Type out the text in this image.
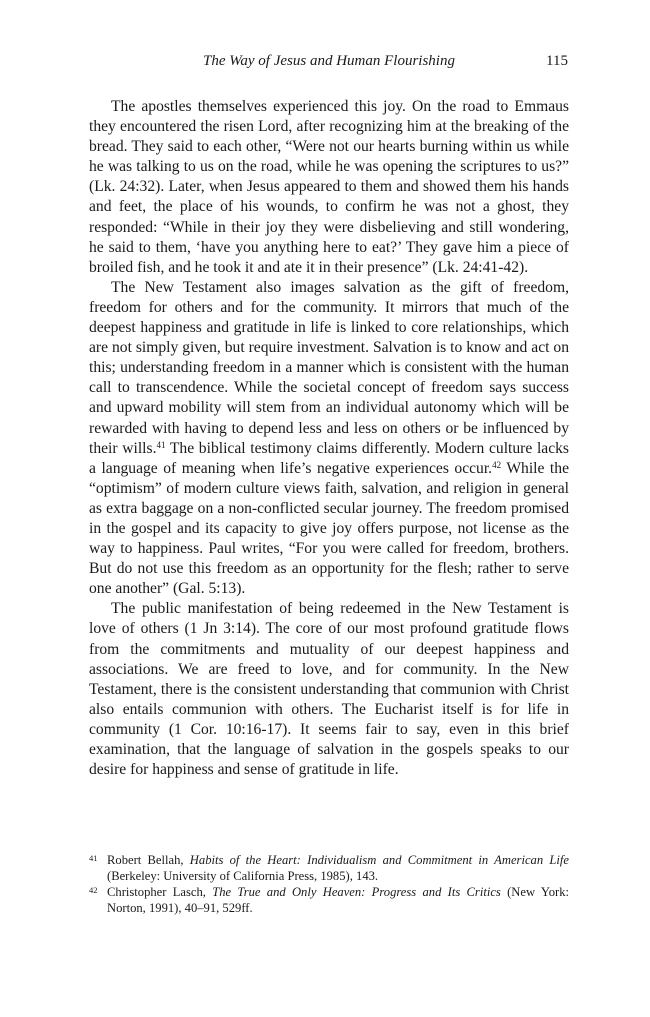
The Way of Jesus and Human Flourishing	115

The apostles themselves experienced this joy. On the road to Emmaus they encountered the risen Lord, after recognizing him at the breaking of the bread. They said to each other, “Were not our hearts burning within us while he was talking to us on the road, while he was opening the scriptures to us?” (Lk. 24:32). Later, when Jesus appeared to them and showed them his hands and feet, the place of his wounds, to confirm he was not a ghost, they responded: “While in their joy they were disbelieving and still wondering, he said to them, ‘have you anything here to eat?’ They gave him a piece of broiled fish, and he took it and ate it in their presence” (Lk. 24:41-42).

The New Testament also images salvation as the gift of freedom, freedom for others and for the community. It mirrors that much of the deepest happiness and gratitude in life is linked to core relationships, which are not simply given, but require investment. Salvation is to know and act on this; understanding freedom in a manner which is consistent with the human call to transcendence. While the societal concept of freedom says success and upward mobility will stem from an individual autonomy which will be rewarded with having to depend less and less on others or be influenced by their wills.$^{41}$ The biblical testimony claims differently. Modern culture lacks a language of meaning when life’s negative experiences occur.$^{42}$ While the “optimism” of modern culture views faith, salvation, and religion in general as extra baggage on a non-conflicted secular journey. The freedom promised in the gospel and its capacity to give joy offers purpose, not license as the way to happiness. Paul writes, “For you were called for freedom, brothers. But do not use this freedom as an opportunity for the flesh; rather to serve one another” (Gal. 5:13).

The public manifestation of being redeemed in the New Testament is love of others (1 Jn 3:14). The core of our most profound gratitude flows from the commitments and mutuality of our deepest happiness and associations. We are freed to love, and for community. In the New Testament, there is the consistent understanding that communion with Christ also entails communion with others. The Eucharist itself is for life in community (1 Cor. 10:16-17). It seems fair to say, even in this brief examination, that the language of salvation in the gospels speaks to our desire for happiness and sense of gratitude in life.

41 Robert Bellah, Habits of the Heart: Individualism and Commitment in American Life (Berkeley: University of California Press, 1985), 143.
42 Christopher Lasch, The True and Only Heaven: Progress and Its Critics (New York: Norton, 1991), 40–91, 529ff.
